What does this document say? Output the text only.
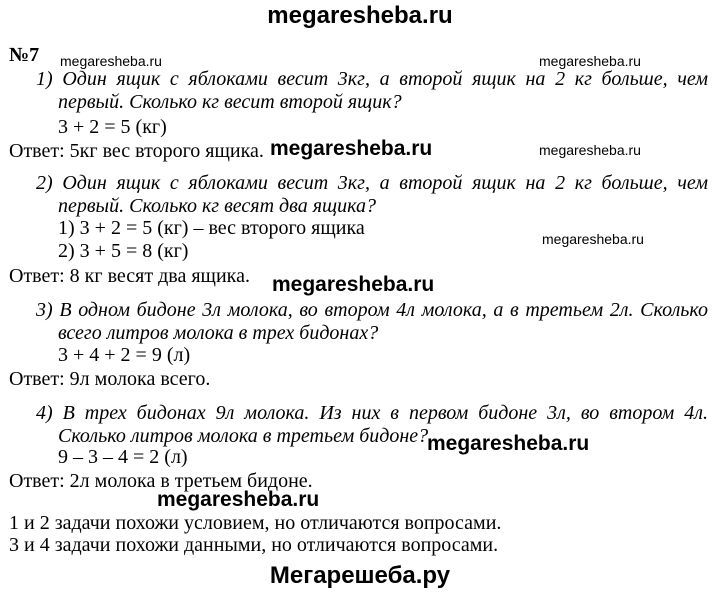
megaresheba.ru
№7 megaresheba.ru	megaresheba.ru
megaresheba.ru
megaresheba.ru
1) Один ящик с яблоками весит 3кг, а второй ящик на 2 кг больше, чем
первый. Сколько кг весит второй ящик?
3 + 2 = 5 (кг)
Ответ: 5кг вес второго ящика. megaresheba.ru
2) Один ящик с яблоками весит 3кг, а второй ящик на 2 кг больше, чем
первый. Сколько кг весят два ящика?
1) 3 + 2 = 5 (кг) – вес второго ящика
2) 3 + 5 = 8 (кг)
Ответ: 8 кг весят два ящика. megaresheba.ru
3) В одном бидоне 3л молока, во втором 4л молока, а в третьем 2л. Сколько
всего литров молока в трех бидонах?
3 + 4 + 2 = 9 (л)
Ответ: 9л молока всего.
4) В трех бидонах 9л молока. Из них в первом бидоне 3л, во втором 4л.
Сколько литров молока в третьем бидоне?
megaresheba.ru
9 – 3 – 4 = 2 (л)
Ответ: 2л молока в третьем бидоне.
megaresheba.ru
1 и 2 задачи похожи условием, но отличаются вопросами.
3 и 4 задачи похожи данными, но отличаются вопросами.
Мегарешеба.ру
